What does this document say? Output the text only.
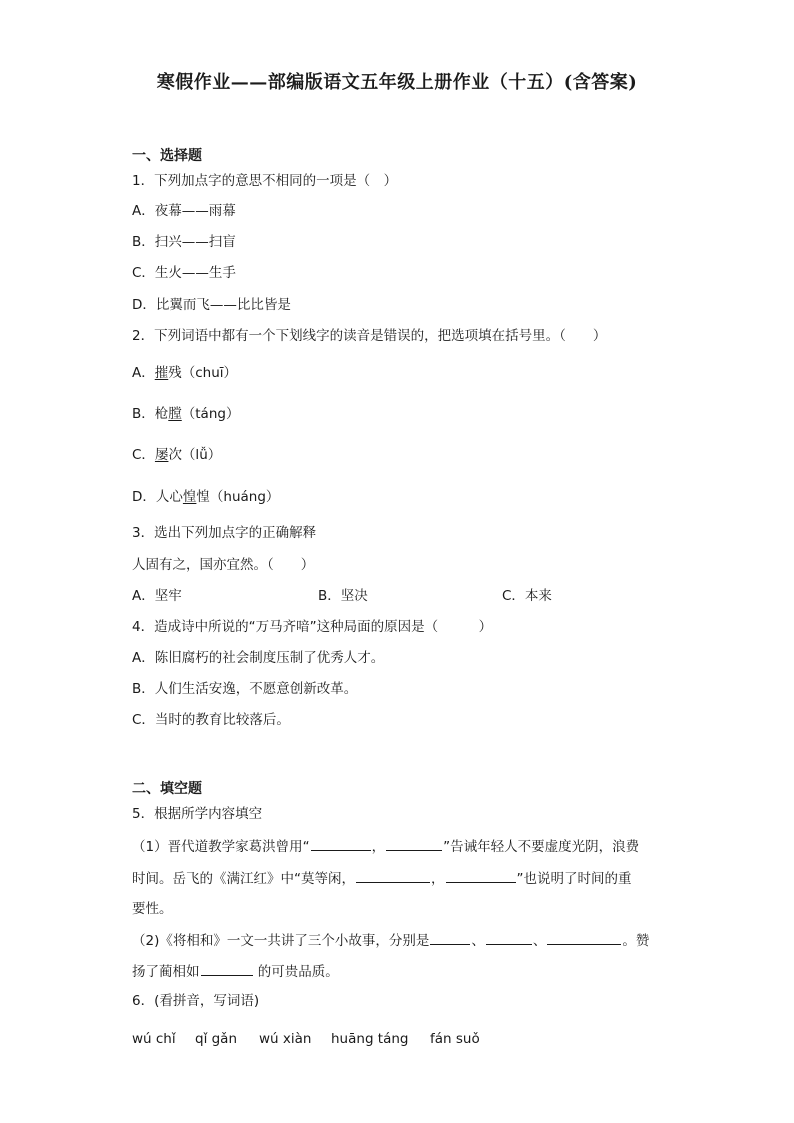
寒假作业——部编版语文五年级上册作业（十五）(含答案)
一、选择题
1．下列加点字的意思不相同的一项是（　）
A．夜幕——雨幕
B．扫兴——扫盲
C．生火——生手
D．比翼而飞——比比皆是
2．下列词语中都有一个下划线字的读音是错误的，把选项填在括号里。（　　）
A．摧残（chuī）
B．枪膛（táng）
C．屡次（lǚ）
D．人心惶惶（huáng）
3．选出下列加点字的正确解释
人固有之，国亦宜然。（　　）
A．坚牢	B．坚决	C．本来
4．造成诗中所说的“万马齐喑”这种局面的原因是（　　　）
A．陈旧腐朽的社会制度压制了优秀人才。
B．人们生活安逸，不愿意创新改革。
C．当时的教育比较落后。
二、填空题
5．根据所学内容填空
（1）晋代道教学家葛洪曾用“	，	”告诫年轻人不要虚度光阴，浪费
时间。岳飞的《满江红》中“莫等闲，	，	”也说明了时间的重
要性。
（2)《将相和》一文一共讲了三个小故事，分别是	、	、	。赞
扬了蔺相如	的可贵品质。
6．(看拼音，写词语)
wú chǐ qǐ gǎn wú xiàn huāng táng fán suǒ
